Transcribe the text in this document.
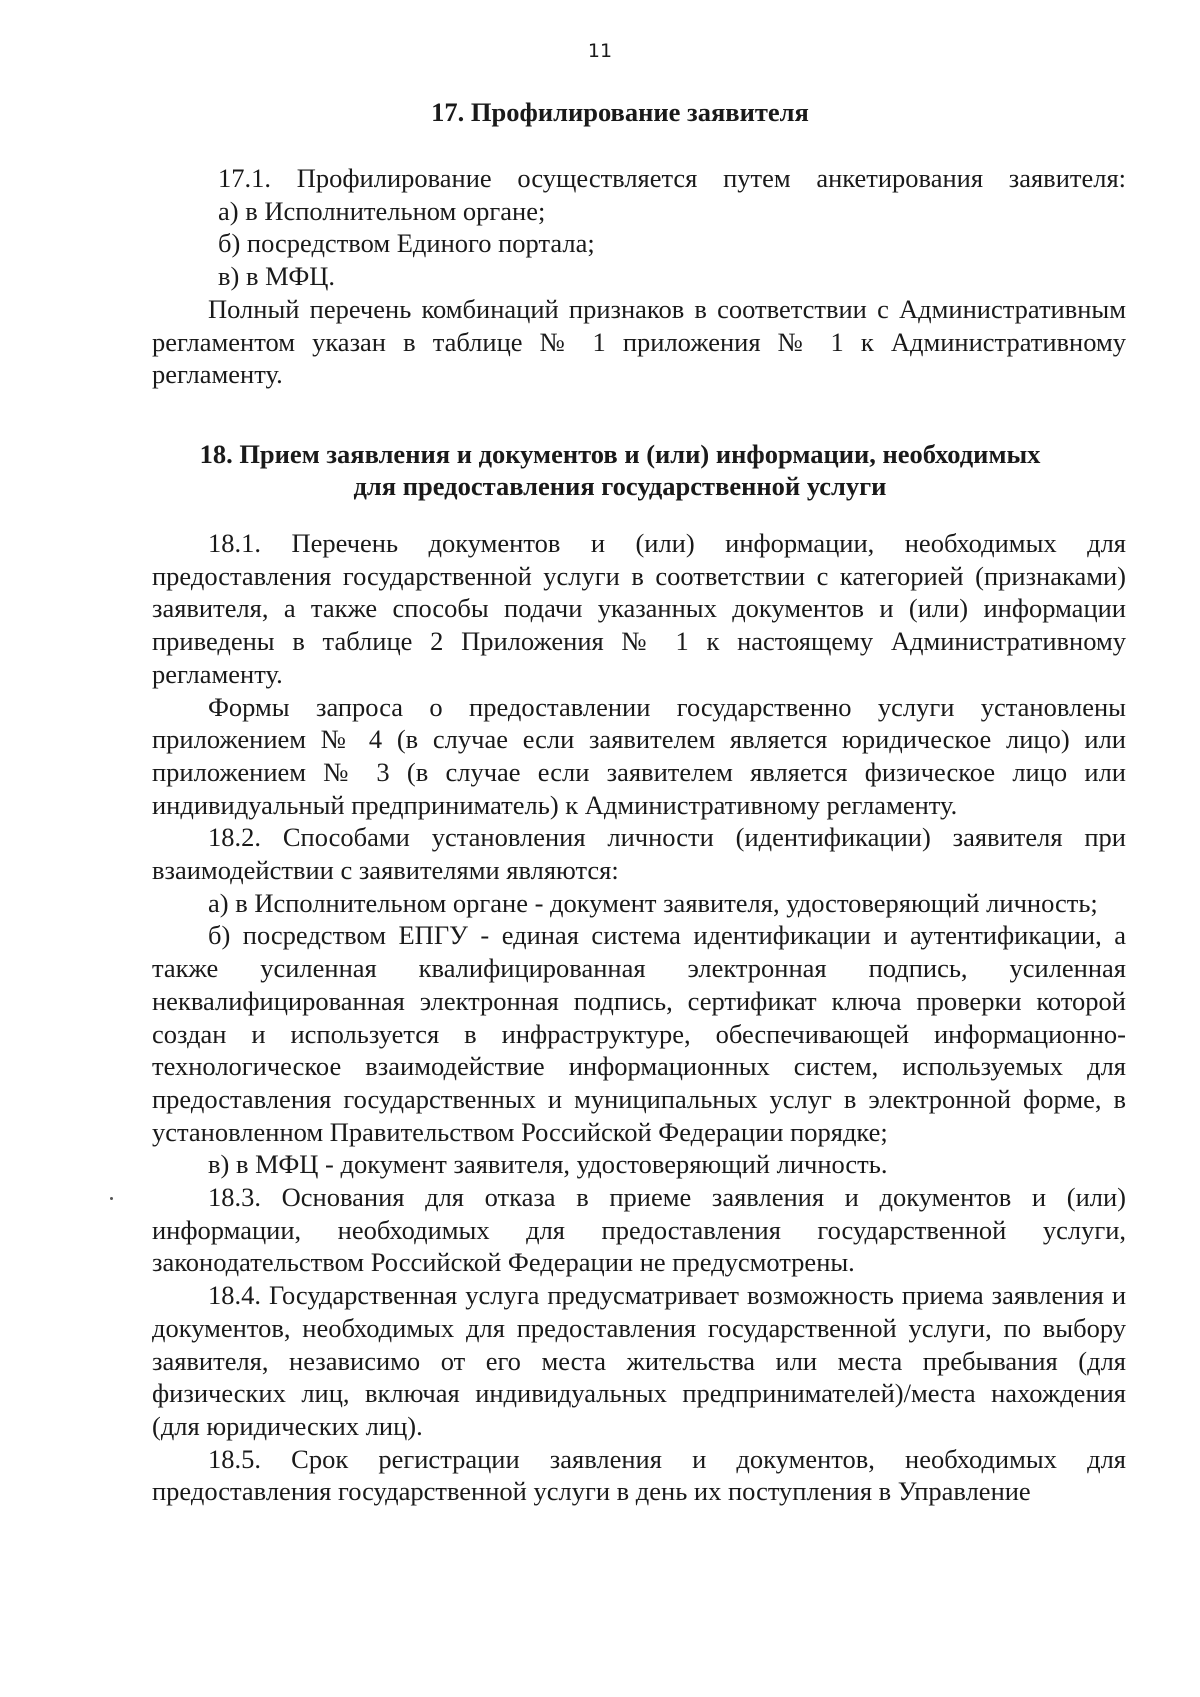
11
17. Профилирование заявителя

17.1. Профилирование осуществляется путем анкетирования заявителя:

а) в Исполнительном органе;

б) посредством Единого портала;

в) в МФЦ.

Полный перечень комбинаций признаков в соответствии с Административным регламентом указан в таблице № 1 приложения № 1 к Административному регламенту.

18. Прием заявления и документов и (или) информации, необходимых
для предоставления государственной услуги

18.1. Перечень документов и (или) информации, необходимых для предоставления государственной услуги в соответствии с категорией (признаками) заявителя, а также способы подачи указанных документов и (или) информации приведены в таблице 2 Приложения № 1 к настоящему Административному регламенту.

Формы запроса о предоставлении государственно услуги установлены приложением № 4 (в случае если заявителем является юридическое лицо) или приложением № 3 (в случае если заявителем является физическое лицо или индивидуальный предприниматель) к Административному регламенту.

18.2. Способами установления личности (идентификации) заявителя при взаимодействии с заявителями являются:

а) в Исполнительном органе - документ заявителя, удостоверяющий личность;

б) посредством ЕПГУ - единая система идентификации и аутентификации, а также усиленная квалифицированная электронная подпись, усиленная неквалифицированная электронная подпись, сертификат ключа проверки которой создан и используется в инфраструктуре, обеспечивающей информационно-технологическое взаимодействие информационных систем, используемых для предоставления государственных и муниципальных услуг в электронной форме, в установленном Правительством Российской Федерации порядке;

в) в МФЦ - документ заявителя, удостоверяющий личность.

18.3. Основания для отказа в приеме заявления и документов и (или) информации, необходимых для предоставления государственной услуги, законодательством Российской Федерации не предусмотрены.

18.4. Государственная услуга предусматривает возможность приема заявления и документов, необходимых для предоставления государственной услуги, по выбору заявителя, независимо от его места жительства или места пребывания (для физических лиц, включая индивидуальных предпринимателей)/места нахождения (для юридических лиц).

18.5. Срок регистрации заявления и документов, необходимых для предоставления государственной услуги в день их поступления в Управление
